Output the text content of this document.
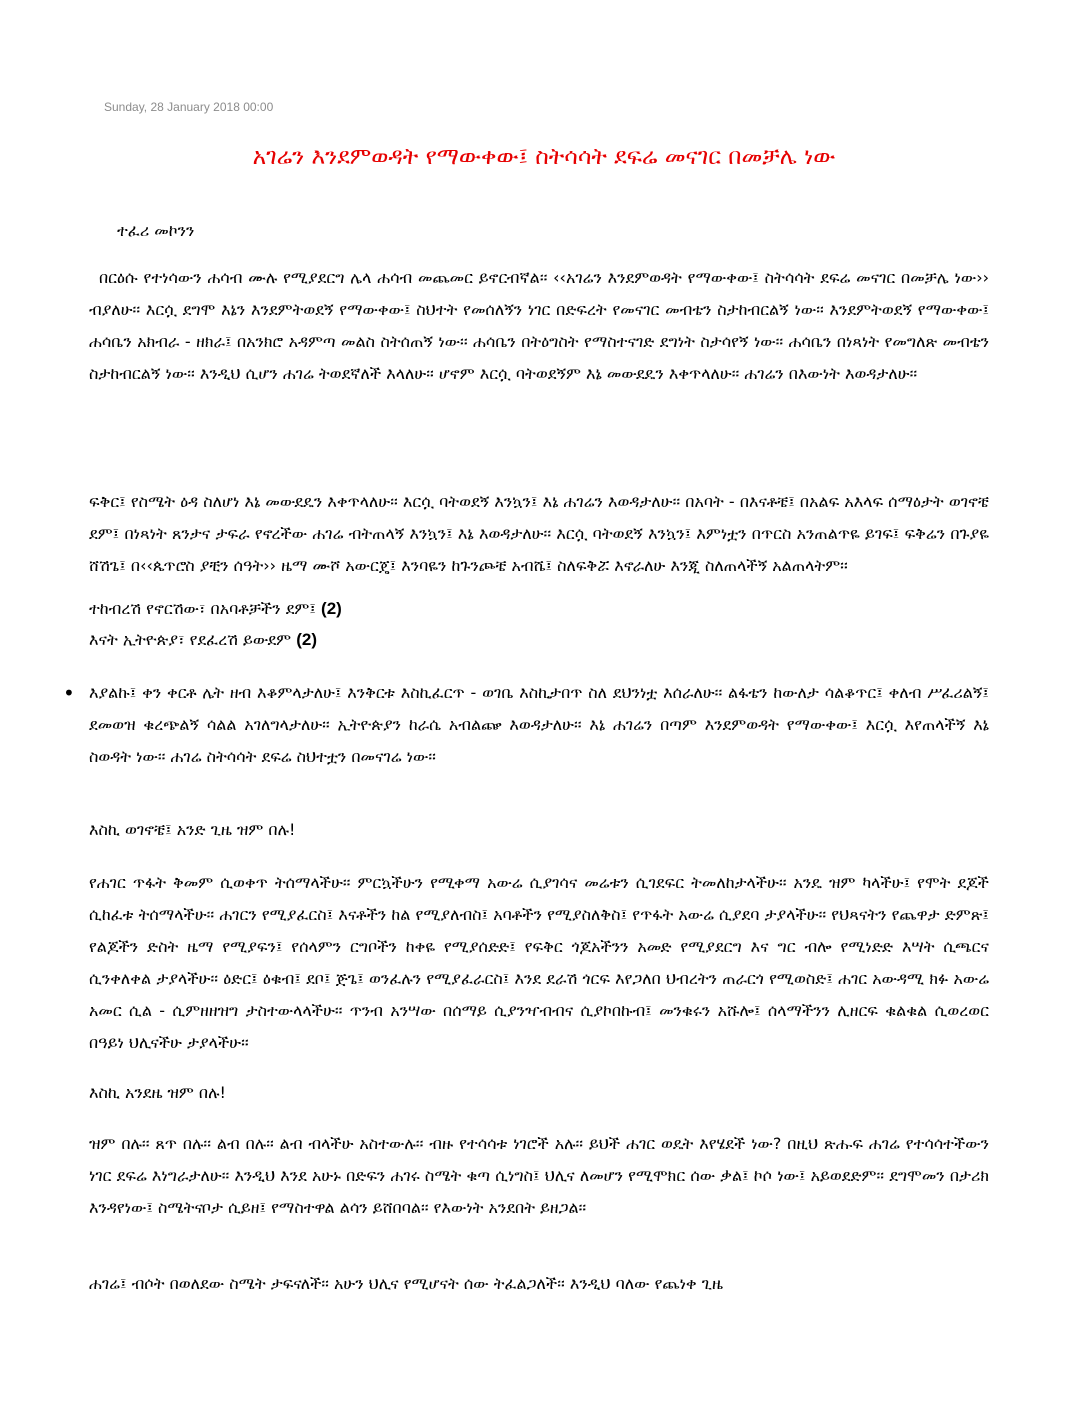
Sunday, 28 January 2018 00:00
አገሬን እንደምወዳት የማውቀው፤ ስትሳሳት ደፍሬ መናገር በመቻሌ ነው
ተፈሪ መኮንን

በርዕሱ የተነሳውን ሐሳብ ሙሉ የሚያደርግ ሌላ ሐሳብ መጨመር ይኖርብኛል፡፡ ‹‹አገሬን እንደምወዳት የማውቀው፤ ስትሳሳት ደፍሬ መናገር በመቻሌ ነው›› ብያለሁ፡፡ እርሷ ደግሞ እኔን እንደምትወደኝ የማውቀው፤ ስህተት የመሰለኝን ነገር በድፍረት የመናገር መብቴን ስታከብርልኝ ነው፡፡ እንደምትወደኝ የማውቀው፤ ሐሳቤን አክብራ - ዘክራ፤ በአንክሮ አዳምጣ መልስ ስትሰጠኝ ነው፡፡ ሐሳቤን በትዕግስት የማስተናገድ ደግነት ስታሳየኝ ነው፡፡ ሐሳቤን በነጻነት የመግለጽ መብቴን ስታከብርልኝ ነው፡፡ እንዲህ ሲሆን ሐገሬ ትወደኛለች እላለሁ፡፡ ሆኖም እርሷ ባትወደኝም እኔ መውደዴን እቀጥላለሁ፡፡ ሐገሬን በእውነት እወዳታለሁ፡፡

ፍቅር፤ የስሜት ዕዳ ስለሆነ እኔ መውደዴን እቀጥላለሁ፡፡ እርሷ ባትወደኝ እንኳን፤ እኔ ሐገሬን እወዳታለሁ፡፡ በአባት - በእናቶቼ፤ በአልፍ አእላፍ ሰማዕታት ወገኖቼ ደም፤ በነጻነት ጸንታና ታፍራ የኖረችው ሐገሬ ብትጠላኝ እንኳን፤ እኔ እወዳታለሁ፡፡ እርሷ ባትወደኝ እንኳን፤ እምነቷን በጥርስ አንጠልጥዬ ይገፍ፤ ፍቅሬን በጉያዬ ሸሽጌ፤ በ‹‹ጴጥሮስ ያቺን ሰዓት›› ዜማ ሙሾ አውርጄ፤ እንባዬን ከጉንጮቼ አብሼ፤ ስለፍቅሯ እኖራለሁ እንጂ ስለጠላችኝ አልጠላትም፡፡

ተከብረሽ የኖርሽው፣ በአባቶቻችን ደም፤ (2)
እናት ኢትዮጵያ፣ የደፈረሽ ይውደም (2)
• እያልኩ፤ ቀን ቀርቶ ሌት ዘብ እቆምላታለሁ፤ እንቅርቱ እስኪፈርጥ - ወገቤ እስኪታበጥ ስለ ደህንነቷ እሰራለሁ፡፡ ልፋቴን ከውለታ ሳልቆጥር፤ ቀለብ ሥፈሪልኝ፤ ደመወዝ ቁረጭልኝ ሳልል አገለግላታለሁ፡፡ ኢትዮጵያን ከራሴ አብልጬ እወዳታለሁ፡፡ እኔ ሐገሬን በጣም እንደምወዳት የማውቀው፤ እርሷ እየጠላችኝ እኔ ስወዳት ነው፡፡ ሐገሬ ስትሳሳት ደፍሬ ስህተቷን በመናገሬ ነው፡፡
እስኪ ወገኖቼ፤ አንድ ጊዜ ዝም በሉ!

የሐገር ጥፋት ቅመም ሲወቀጥ ትሰማላችሁ፡፡ ምርኳችሁን የሚቀማ አውሬ ሲያገሳና መሬቱን ሲገደፍር ትመለከታላችሁ፡፡ አንዴ ዝም ካላችሁ፤ የሞት ደጆች ሲከፈቱ ትሰማላችሁ፡፡ ሐገርን የሚያፈርስ፤ እናቶችን ከል የሚያለብስ፤ አባቶችን የሚያስለቅስ፤ የጥፋት አውሬ ሲያደባ ታያላችሁ፡፡ የህጻናትን የጨዋታ ድምጽ፤ የልጆችን ድስት ዜማ የሚያፍን፤ የሰላምን ርግቦችን ከቀዬ የሚያሰድድ፤ የፍቅር ጎጆአችንን አመድ የሚያደርግ እና ግር ብሎ የሚነድድ እሣት ሲጫርና ሲንቀለቀል ታያላችሁ፡፡ ዕድር፤ ዕቁብ፤ ደቦ፤ ጅጌ፤ ወንፈሉን የሚያፈራርስ፤ እንደ ደራሽ ጎርፍ እየጋለበ ህብረትን ጠራርጎ የሚወስድ፤ ሐገር አውዳሚ ክፉ አውሬ አመር ሲል - ሲምዘዘዝግ ታስተውላላችሁ፡፡ ጥንብ አንሣው በሰማይ ሲያንዣብብና ሲያኮበኩብ፤ መንቁሩን አሹሎ፤ ሰላማችንን ሊዘርፍ ቁልቁል ሲወረወር በዓይነ ህሊናችሁ ታያላችሁ፡፡

እስኪ አንደዜ ዝም በሉ!

ዝም በሉ፡፡ ጸጥ በሉ፡፡ ልብ በሉ፡፡ ልብ ብላችሁ አስተውሉ፡፡ ብዙ የተሳሳቱ ነገሮች አሉ፡፡ ይህች ሐገር ወዴት እየሄደች ነው? በዚህ ጽሑፍ ሐገሬ የተሳሳተችውን ነገር ደፍሬ እነግራታለሁ፡፡ እንዲህ እንደ አሁኑ በድፍን ሐገሩ ስሜት ቁጣ ሲነግስ፤ ህሊና ለመሆን የሚሞክር ሰው ቃል፤ ኮሶ ነው፤ አይወደድም፡፡ ደግሞመን በታሪክ እንዳየነው፤ ስሜትናቦታ ሲይዘ፤ የማስተዋል ልሳን ይሸበባል፡፡ የእውነት አንደበት ይዘጋል፡፡

ሐገሬ፤ ብሶት በወለደው ስሜት ታፍናለች፡፡ አሁን ህሊና የሚሆናት ሰው ትፈልጋለች፡፡ እንዲህ ባለው የጨነቀ ጊዜ
